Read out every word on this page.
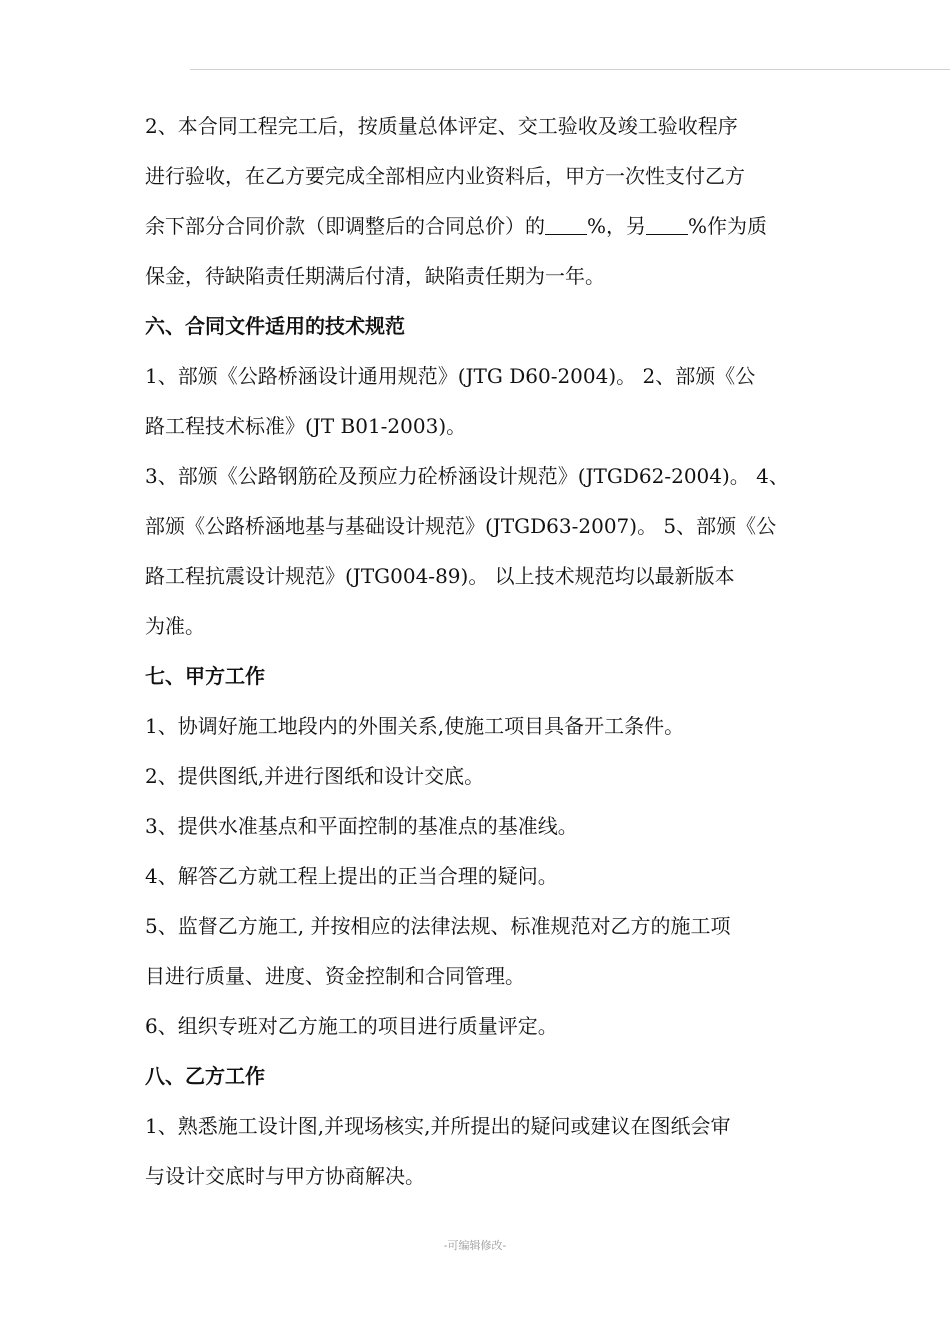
2、本合同工程完工后，按质量总体评定、交工验收及竣工验收程序
进行验收，在乙方要完成全部相应内业资料后，甲方一次性支付乙方
余下部分合同价款（即调整后的合同总价）的 %，另 %作为质
保金，待缺陷责任期满后付清，缺陷责任期为一年。
六、合同文件适用的技术规范
1、部颁《公路桥涵设计通用规范》(JTG D60-2004)。 2、部颁《公
路工程技术标准》(JT B01-2003)。
3、部颁《公路钢筋砼及预应力砼桥涵设计规范》(JTGD62-2004)。 4、
部颁《公路桥涵地基与基础设计规范》(JTGD63-2007)。 5、部颁《公
路工程抗震设计规范》(JTG004-89)。 以上技术规范均以最新版本
为准。
七、甲方工作
1、协调好施工地段内的外围关系,使施工项目具备开工条件。
2、提供图纸,并进行图纸和设计交底。
3、提供水准基点和平面控制的基准点的基准线。
4、解答乙方就工程上提出的正当合理的疑问。
5、监督乙方施工, 并按相应的法律法规、标准规范对乙方的施工项
目进行质量、进度、资金控制和合同管理。
6、组织专班对乙方施工的项目进行质量评定。
八、乙方工作
1、熟悉施工设计图,并现场核实,并所提出的疑问或建议在图纸会审
与设计交底时与甲方协商解决。
-可编辑修改-
